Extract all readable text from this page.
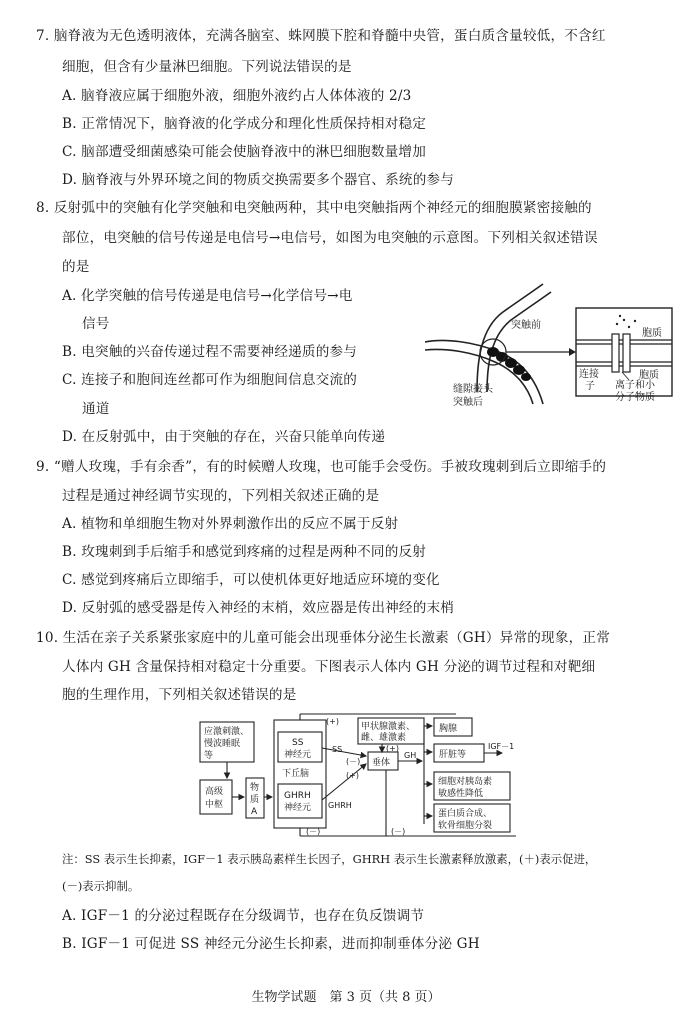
7. 脑脊液为无色透明液体，充满各脑室、蛛网膜下腔和脊髓中央管，蛋白质含量较低，不含红
细胞，但含有少量淋巴细胞。下列说法错误的是
A. 脑脊液应属于细胞外液，细胞外液约占人体体液的 2/3
B. 正常情况下，脑脊液的化学成分和理化性质保持相对稳定
C. 脑部遭受细菌感染可能会使脑脊液中的淋巴细胞数量增加
D. 脑脊液与外界环境之间的物质交换需要多个器官、系统的参与
8. 反射弧中的突触有化学突触和电突触两种，其中电突触指两个神经元的细胞膜紧密接触的
部位，电突触的信号传递是电信号→电信号，如图为电突触的示意图。下列相关叙述错误
的是
A. 化学突触的信号传递是电信号→化学信号→电
信号
B. 电突触的兴奋传递过程不需要神经递质的参与
C. 连接子和胞间连丝都可作为细胞间信息交流的
通道
D. 在反射弧中，由于突触的存在，兴奋只能单向传递
突触前
缝隙接头
突触后
胞质
胞质
连接
子 离子和小
分子物质
9. “赠人玫瑰，手有余香”，有的时候赠人玫瑰，也可能手会受伤。手被玫瑰刺到后立即缩手的
过程是通过神经调节实现的，下列相关叙述正确的是
A. 植物和单细胞生物对外界刺激作出的反应不属于反射
B. 玫瑰刺到手后缩手和感觉到疼痛的过程是两种不同的反射
C. 感觉到疼痛后立即缩手，可以使机体更好地适应环境的变化
D. 反射弧的感受器是传入神经的末梢，效应器是传出神经的末梢
10. 生活在亲子关系紧张家庭中的儿童可能会出现垂体分泌生长激素（GH）异常的现象，正常
人体内 GH 含量保持相对稳定十分重要。下图表示人体内 GH 分泌的调节过程和对靶细
胞的生理作用，下列相关叙述错误的是
应激刺激、
慢波睡眠
等
高级
中枢
物
质
A
SS
神经元
下丘脑
GHRH
神经元
甲状腺激素、
雌、雄激素
垂体
GH
胸腺
肝脏等
IGF－1
细胞对胰岛素
敏感性降低
蛋白质合成、
软骨细胞分裂
SS
GHRH
(－)
(+)
(+)
(+)
(－)	(－)
注：SS 表示生长抑素，IGF－1 表示胰岛素样生长因子，GHRH 表示生长激素释放激素，(＋)表示促进，
(－)表示抑制。
A. IGF－1 的分泌过程既存在分级调节，也存在负反馈调节
B. IGF－1 可促进 SS 神经元分泌生长抑素，进而抑制垂体分泌 GH
生物学试题　第 3 页（共 8 页）
